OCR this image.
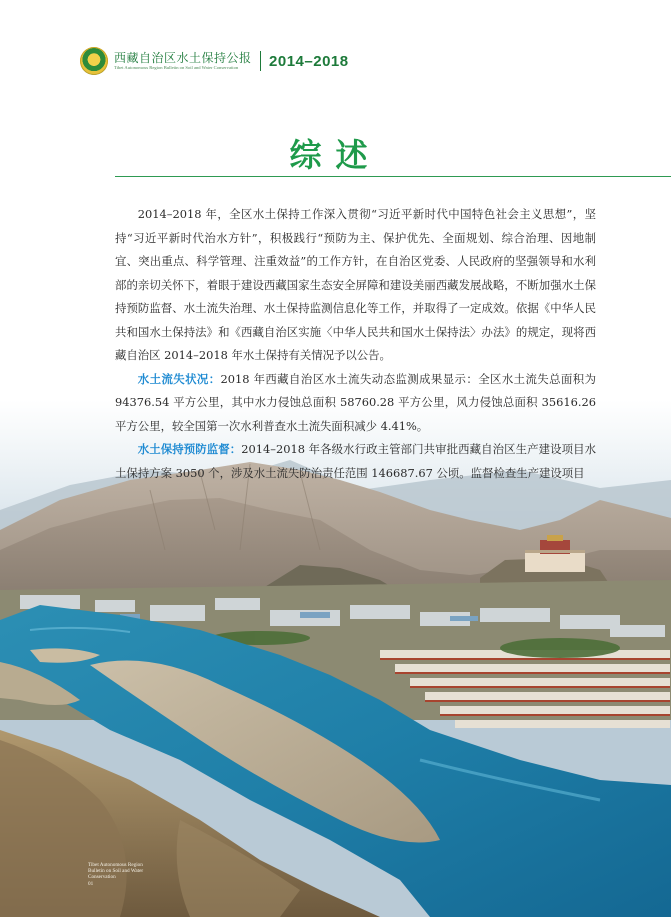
西藏自治区水土保持公报
Tibet Autonomous Region Bulletin on Soil and Water Conservation	2014–2018
综述

2014–2018 年，全区水土保持工作深入贯彻“习近平新时代中国特色社会主义思想”，坚持“习近平新时代治水方针”，积极践行“预防为主、保护优先、全面规划、综合治理、因地制宜、突出重点、科学管理、注重效益”的工作方针，在自治区党委、人民政府的坚强领导和水利部的亲切关怀下，着眼于建设西藏国家生态安全屏障和建设美丽西藏发展战略，不断加强水土保持预防监督、水土流失治理、水土保持监测信息化等工作，并取得了一定成效。依据《中华人民共和国水土保持法》和《西藏自治区实施〈中华人民共和国水土保持法〉办法》的规定，现将西藏自治区 2014–2018 年水土保持有关情况予以公告。

水土流失状况：2018 年西藏自治区水土流失动态监测成果显示：全区水土流失总面积为 94376.54 平方公里，其中水力侵蚀总面积 58760.28 平方公里，风力侵蚀总面积 35616.26 平方公里，较全国第一次水利普查水土流失面积减少 4.41%。

水土保持预防监督：2014–2018 年各级水行政主管部门共审批西藏自治区生产建设项目水土保持方案 3050 个，涉及水土流失防治责任范围 146687.67 公顷。监督检查生产建设项目

Tibet Autonomous Region Bulletin on Soil and Water Conservation
01
